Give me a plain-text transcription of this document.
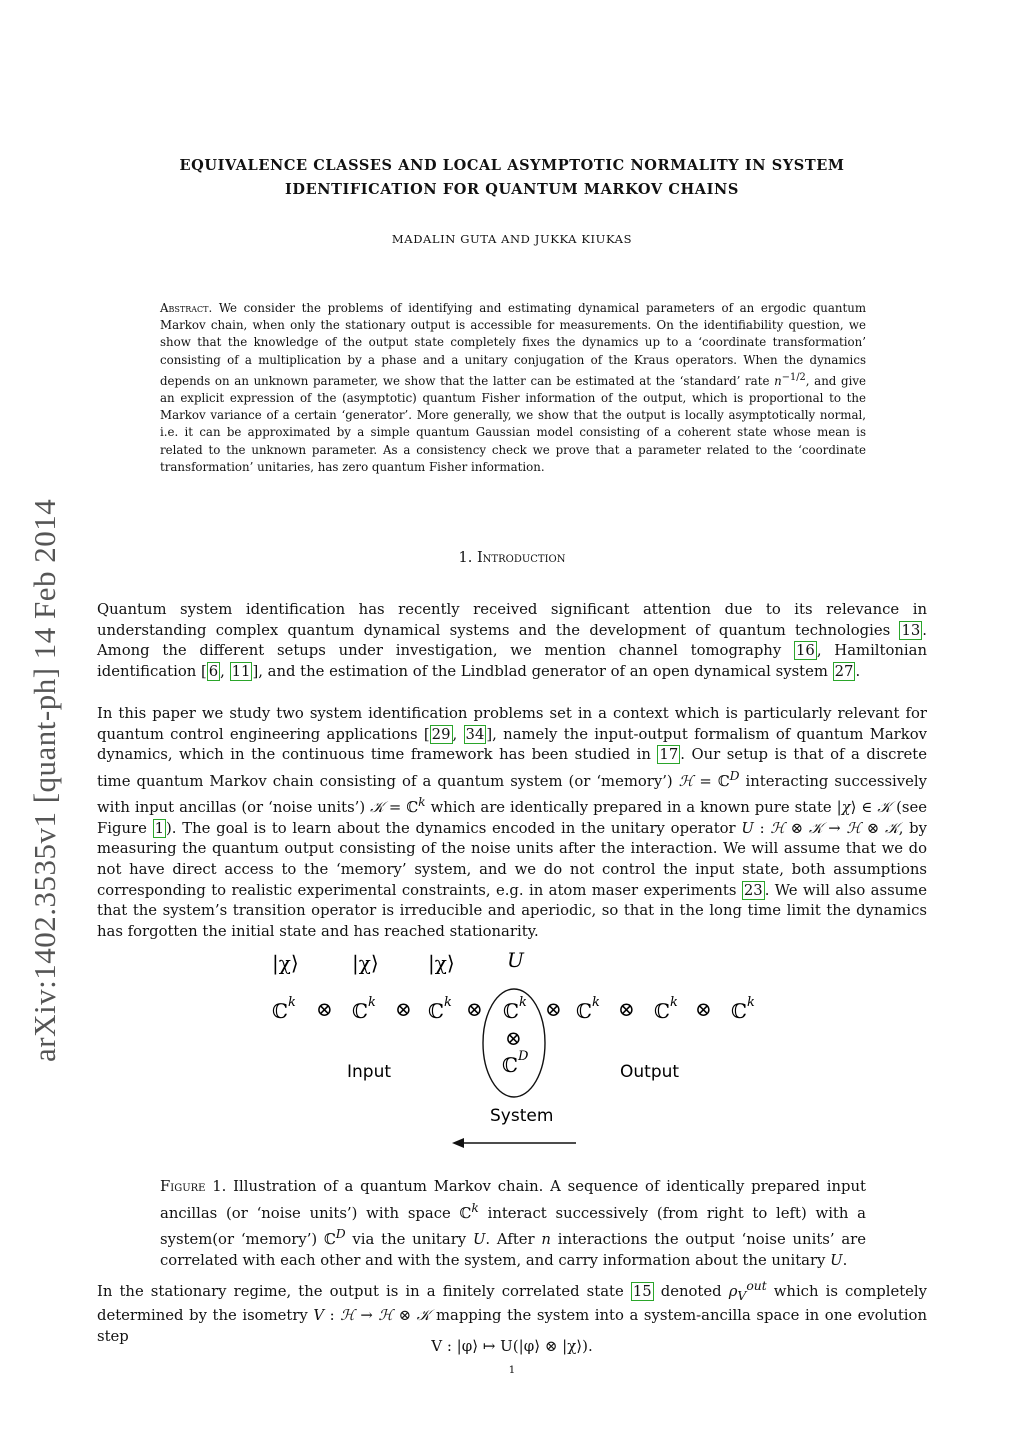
arXiv:1402.3535v1 [quant-ph] 14 Feb 2014
EQUIVALENCE CLASSES AND LOCAL ASYMPTOTIC NORMALITY IN SYSTEM
IDENTIFICATION FOR QUANTUM MARKOV CHAINS
MADALIN GUTA AND JUKKA KIUKAS
Abstract. We consider the problems of identifying and estimating dynamical parameters of an ergodic quantum Markov chain, when only the stationary output is accessible for measurements. On the identifiability question, we show that the knowledge of the output state completely fixes the dynamics up to a ‘coordinate transformation’ consisting of a multiplication by a phase and a unitary conjugation of the Kraus operators. When the dynamics depends on an unknown parameter, we show that the latter can be estimated at the ‘standard’ rate $n^{-1/2}$, and give an explicit expression of the (asymptotic) quantum Fisher information of the output, which is proportional to the Markov variance of a certain ‘generator’. More generally, we show that the output is locally asymptotically normal, i.e. it can be approximated by a simple quantum Gaussian model consisting of a coherent state whose mean is related to the unknown parameter. As a consistency check we prove that a parameter related to the ‘coordinate transformation’ unitaries, has zero quantum Fisher information.
1. Introduction
Quantum system identification has recently received significant attention due to its relevance in understanding complex quantum dynamical systems and the development of quantum technologies 13 . Among the different setups under investigation, we mention channel tomography 16 , Hamiltonian identification [ 6 , 11 ], and the estimation of the Lindblad generator of an open dynamical system 27 .
In this paper we study two system identification problems set in a context which is particularly relevant for quantum control engineering applications [ 29 , 34 ], namely the input-output formalism of quantum Markov dynamics, which in the continuous time framework has been studied in 17 . Our setup is that of a discrete time quantum Markov chain consisting of a quantum system (or ‘memory’) ℋ = ℂ$^D$ interacting successively with input ancillas (or ‘noise units’) 𝒦 = ℂ$^k$ which are identically prepared in a known pure state |χ⟩ ∈ 𝒦 (see Figure 1 ). The goal is to learn about the dynamics encoded in the unitary operator U : ℋ ⊗ 𝒦 → ℋ ⊗ 𝒦, by measuring the quantum output consisting of the noise units after the interaction. We will assume that we do not have direct access to the ‘memory’ system, and we do not control the input state, both assumptions corresponding to realistic experimental constraints, e.g. in atom maser experiments 23 . We will also assume that the system’s transition operator is irreducible and aperiodic, so that in the long time limit the dynamics has forgotten the initial state and has reached stationarity.
|χ⟩	|χ⟩ |χ⟩	U
ℂ k ⊗ ℂ k ⊗ ℂ k ⊗ ℂ k
⊗
ℂ D
⊗ ℂ k ⊗ ℂ k ⊗ ℂ k
Input	Output
System
Figure 1. Illustration of a quantum Markov chain. A sequence of identically prepared input ancillas (or ‘noise units’) with space ℂ$^k$ interact successively (from right to left) with a system(or ‘memory’) ℂ$^D$ via the unitary U. After n interactions the output ‘noise units’ are correlated with each other and with the system, and carry information about the unitary U.
In the stationary regime, the output is in a finitely correlated state 15 denoted $\rho_V^{out}$ which is completely determined by the isometry V : ℋ → ℋ ⊗ 𝒦 mapping the system into a system-ancilla space in one evolution step
V : |φ⟩ ↦ U(|φ⟩ ⊗ |χ⟩).
1
